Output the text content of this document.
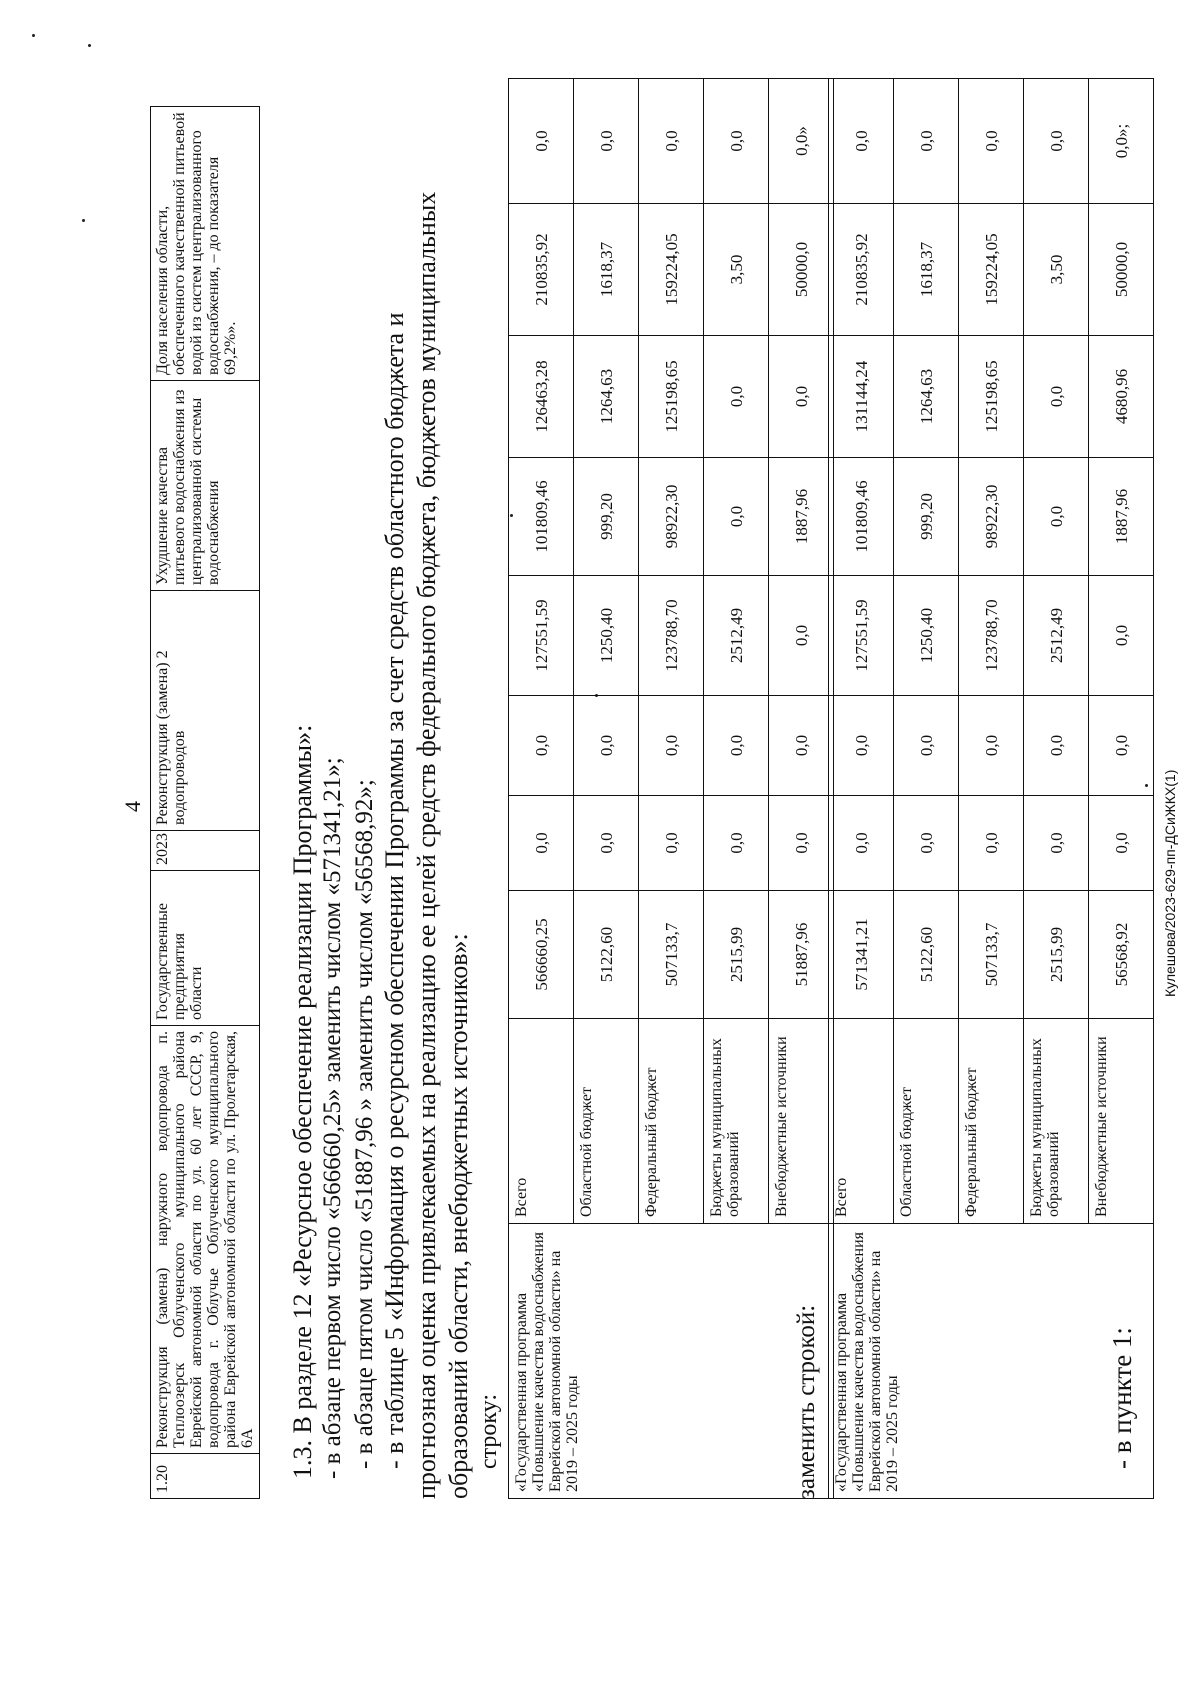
4
1.20	Реконструкция (замена) наружного водопровода п. Теплоозерск Облученского муниципального района Еврейской автономной области по ул. 60 лет СССР, 9, водопровода г. Облучье Облученского муниципального района Еврейской автономной области по ул. Пролетарская, 6А	Государственные предприятия области	2023	Реконструкция (замена) 2 водопроводов	Ухудшение качества питьевого водоснабжения из централизованной системы водоснабжения	Доля населения области, обеспеченного качественной питьевой водой из систем централизованного водоснабжения, – до показателя 69,2%».
1.3. В разделе 12 «Ресурсное обеспечение реализации Программы»: - в абзаце первом число «566660,25» заменить числом «571341,21»; - в абзаце пятом число «51887,96 » заменить числом «56568,92»; - в таблице 5 «Информация о ресурсном обеспечении Программы за счет средств областного бюджета и прогнозная оценка привлекаемых на реализацию ее целей средств федерального бюджета, бюджетов муниципальных образований области, внебюджетных источников»: строку: «Государственная программа «Повышение качества водоснабжения Еврейской автономной области» на 2019 – 2025 годы	Всего	566660,25	0,0	0,0	127551,59	101809,46	126463,28	210835,92	0,0
	Областной бюджет	5122,60	0,0	0,0	1250,40	999,20	1264,63	1618,37	0,0
	Федеральный бюджет	507133,7	0,0	0,0	123788,70	98922,30	125198,65	159224,05	0,0
	Бюджеты муниципальных образований	2515,99	0,0	0,0	2512,49	0,0	0,0	3,50	0,0
	Внебюджетные источники	51887,96	0,0	0,0	0,0	1887,96	0,0	50000,0	0,0»
заменить строкой: «Государственная программа «Повышение качества водоснабжения Еврейской автономной области» на 2019 – 2025 годы	Всего	571341,21	0,0	0,0	127551,59	101809,46	131144,24	210835,92	0,0
	Областной бюджет	5122,60	0,0	0,0	1250,40	999,20	1264,63	1618,37	0,0
	Федеральный бюджет	507133,7	0,0	0,0	123788,70	98922,30	125198,65	159224,05	0,0
	Бюджеты муниципальных образований	2515,99	0,0	0,0	2512,49	0,0	0,0	3,50	0,0
	Внебюджетные источники	56568,92	0,0	0,0	0,0	1887,96	4680,96	50000,0	0,0»;
- в пункте 1:
Кулешова/2023-629-пп-ДСиЖКХ(1)
